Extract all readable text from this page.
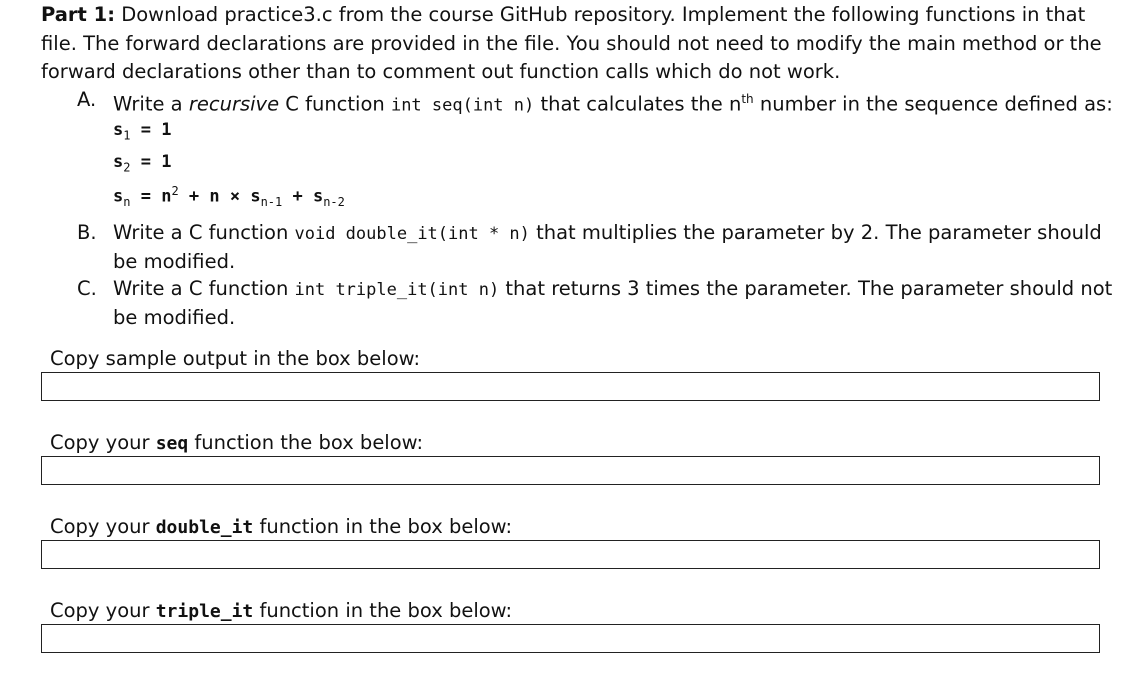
Part 1: Download practice3.c from the course GitHub repository. Implement the following functions in that file. The forward declarations are provided in the file. You should not need to modify the main method or the forward declarations other than to comment out function calls which do not work.
A. Write a recursive C function int seq(int n) that calculates the $n^{th}$ number in the sequence defined as:
B. Write a C function void double_it(int * n) that multiplies the parameter by 2. The parameter should be modified.
C. Write a C function int triple_it(int n) that returns 3 times the parameter. The parameter should not be modified.
$s_1 = 1$
$s_2 = 1$
$s_n = n^2 + n \times s_{n-1} + s_{n-2}$
Copy sample output in the box below:
Copy your seq function the box below:
Copy your double_it function in the box below:
Copy your triple_it function in the box below:
